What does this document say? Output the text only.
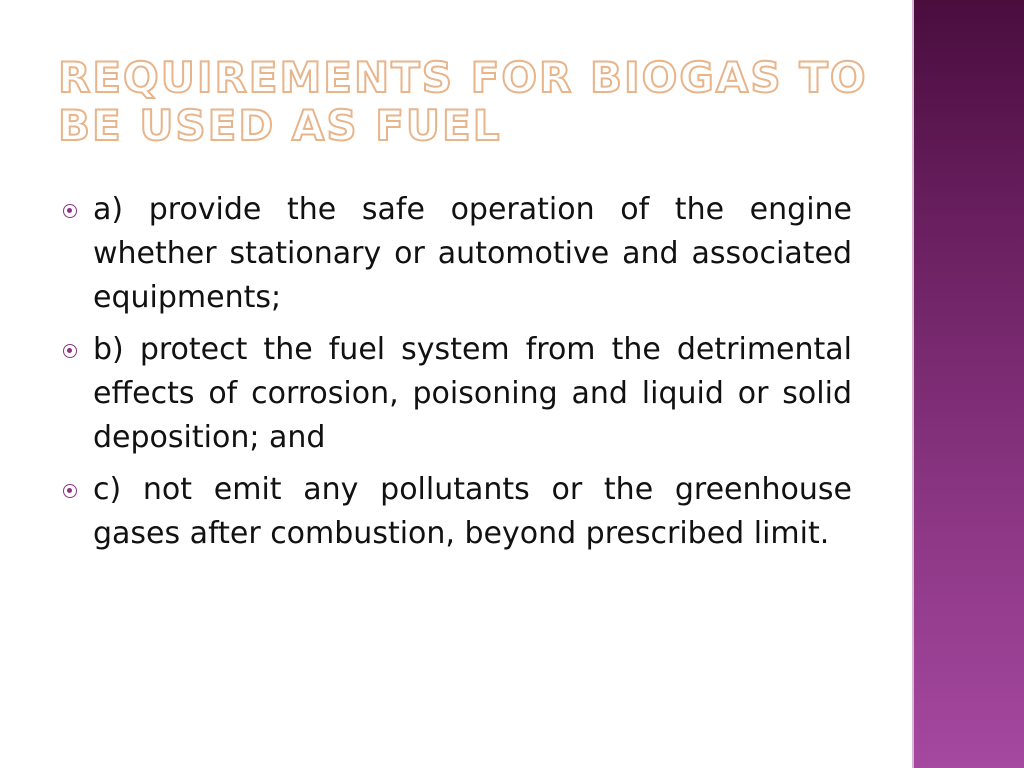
REQUIREMENTS FOR BIOGAS TO BE USED AS FUEL
a) provide the safe operation of the engine whether stationary or automotive and associated equipments;
b) protect the fuel system from the detrimental effects of corrosion, poisoning and liquid or solid deposition; and
c) not emit any pollutants or the greenhouse gases after combustion, beyond prescribed limit.
